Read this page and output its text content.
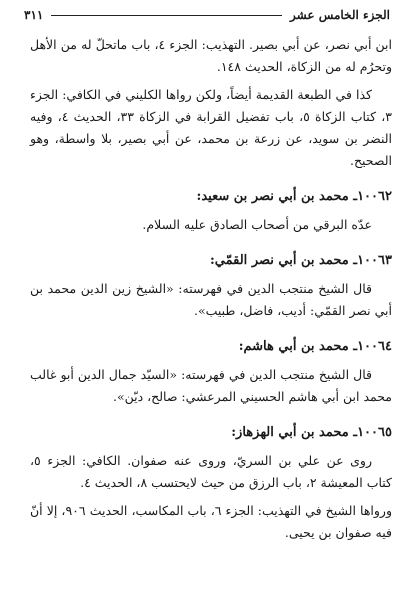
الجزء الخامس عشر
٣١١

ابن أبي نصر، عن أبي بصير. التهذيب: الجزء ٤، باب ماتحلّ له من الأهل وتحرُم له من الزكاة، الحديث ١٤٨.

كذا في الطبعة القديمة أيضاً، ولكن رواها الكليني في الكافي: الجزء ٣، كتاب الزكاة ٥، باب تفضيل القرابة في الزكاة ٣٣، الحديث ٤، وفيه النضر بن سويد، عن زرعة بن محمد، عن أبي بصير، بلا واسطة، وهو الصحيح.

١٠٠٦٢ـ محمد بن أبي نصر بن سعيد:

عدّه البرقي من أصحاب الصادق عليه السلام.

١٠٠٦٣ـ محمد بن أبي نصر القمّي:

قال الشيخ منتجب الدين في فهرسته: «الشيخ زين الدين محمد بن أبي نصر القمّي: أديب، فاضل، طبيب».

١٠٠٦٤ـ محمد بن أبي هاشم:

قال الشيخ منتجب الدين في فهرسته: «السيّد جمال الدين أبو غالب محمد ابن أبي هاشم الحسيني المرعشي: صالح، ديّن».

١٠٠٦٥ـ محمد بن أبي الهزهاز:

روى عن علي بن السريّ، وروى عنه صفوان. الكافي: الجزء ٥، كتاب المعيشة ٢، باب الرزق من حيث لايحتسب ٨، الحديث ٤.

ورواها الشيخ في التهذيب: الجزء ٦، باب المكاسب، الحديث ٩٠٦، إلا أنّ فيه صفوان بن يحيى.
